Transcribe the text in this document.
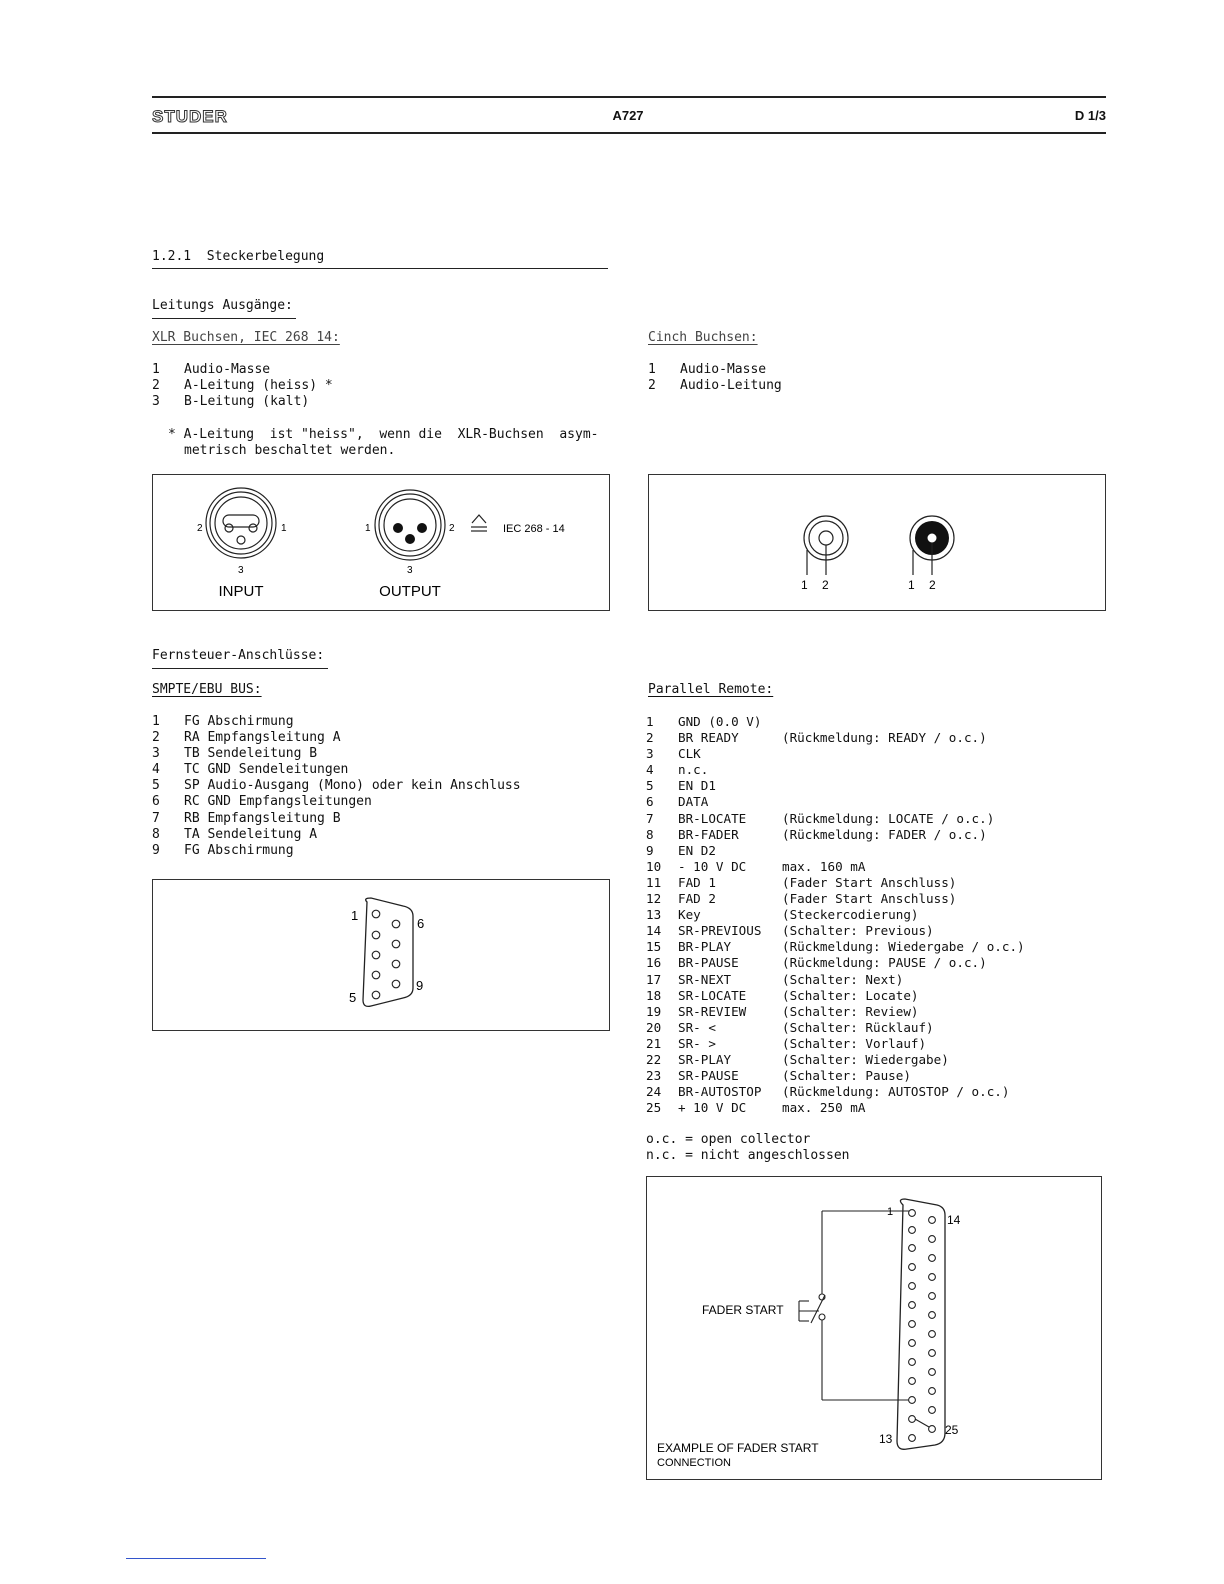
STUDER	A727	D 1/3
1.2.1 Steckerbelegung
Leitungs Ausgänge:
XLR Buchsen, IEC 268 14:
1 Audio-Masse
2 A-Leitung (heiss) *
3 B-Leitung (kalt)
* A-Leitung  ist "heiss",  wenn die  XLR-Buchsen  asym-
metrisch beschaltet werden.
2	1
3
INPUT
1	2
3
OUTPUT
IEC 268 - 14
Cinch Buchsen:
1 Audio-Masse
2 Audio-Leitung
1 2	1 2
Fernsteuer-Anschlüsse:
SMPTE/EBU BUS:
1 FG Abschirmung
2 RA Empfangsleitung A
3 TB Sendeleitung B
4 TC GND Sendeleitungen
5 SP Audio-Ausgang (Mono) oder kein Anschluss
6 RC GND Empfangsleitungen
7 RB Empfangsleitung B
8 TA Sendeleitung A
9 FG Abschirmung
1
5
6
9
Parallel Remote:
1 GND (0.0 V)
2 BR READY	(Rückmeldung: READY / o.c.)
3 CLK
4 n.c.
5 EN D1
6 DATA
7 BR-LOCATE	(Rückmeldung: LOCATE / o.c.)
8 BR-FADER	(Rückmeldung: FADER / o.c.)
9 EN D2
10 - 10 V DC	max. 160 mA
11 FAD 1	(Fader Start Anschluss)
12 FAD 2	(Fader Start Anschluss)
13 Key	(Steckercodierung)
14 SR-PREVIOUS (Schalter: Previous)
15 BR-PLAY	(Rückmeldung: Wiedergabe / o.c.)
16 BR-PAUSE	(Rückmeldung: PAUSE / o.c.)
17 SR-NEXT	(Schalter: Next)
18 SR-LOCATE	(Schalter: Locate)
19 SR-REVIEW	(Schalter: Review)
20 SR- <	(Schalter: Rücklauf)
21 SR- >	(Schalter: Vorlauf)
22 SR-PLAY	(Schalter: Wiedergabe)
23 SR-PAUSE	(Schalter: Pause)
24 BR-AUTOSTOP (Rückmeldung: AUTOSTOP / o.c.)
25 + 10 V DC	max. 250 mA
o.c. = open collector
n.c. = nicht angeschlossen
FADER START
1
13
14
25
EXAMPLE OF FADER START
CONNECTION
